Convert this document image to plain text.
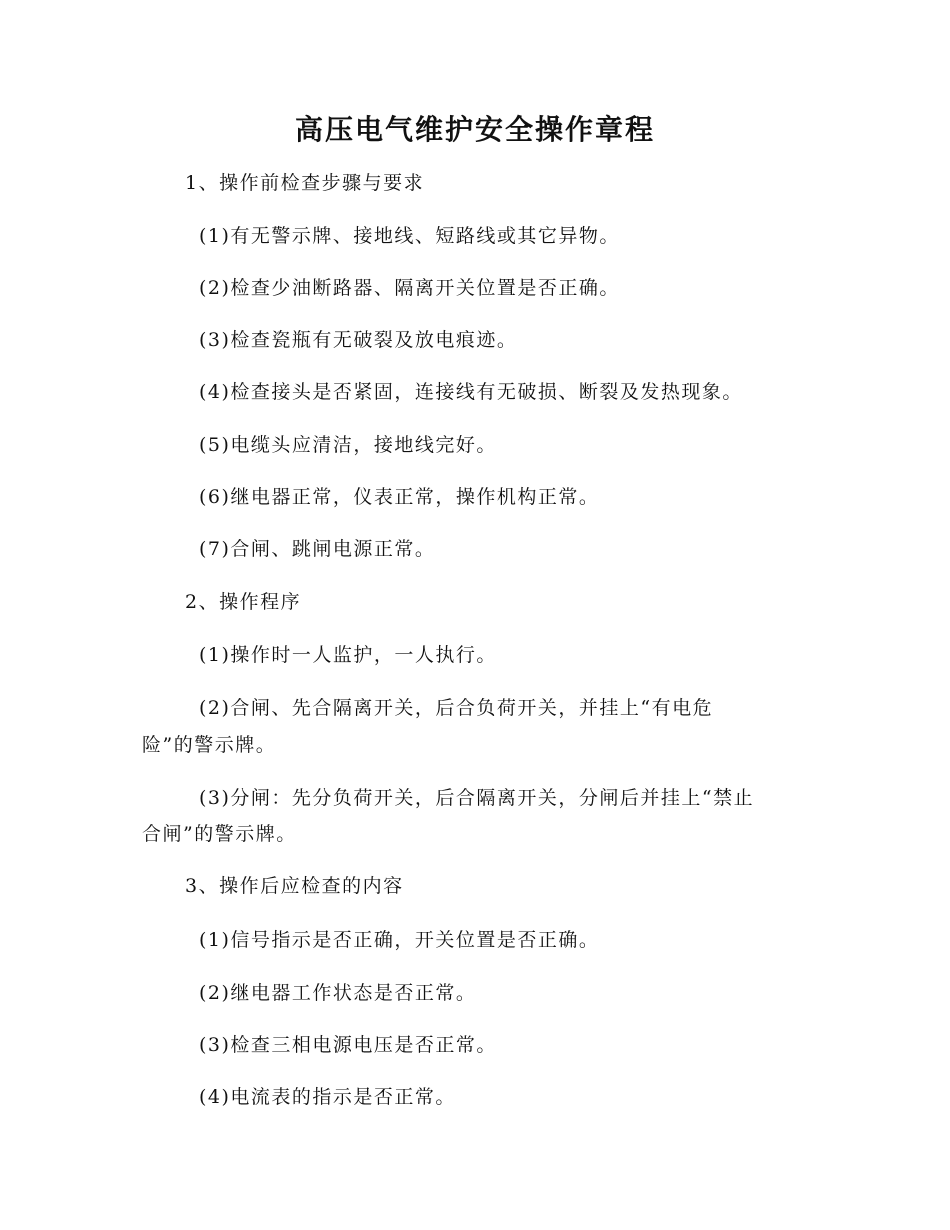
高压电气维护安全操作章程
1、操作前检查步骤与要求
(1)有无警示牌、接地线、短路线或其它异物。
(2)检查少油断路器、隔离开关位置是否正确。
(3)检查瓷瓶有无破裂及放电痕迹。
(4)检查接头是否紧固，连接线有无破损、断裂及发热现象。
(5)电缆头应清洁，接地线完好。
(6)继电器正常，仪表正常，操作机构正常。
(7)合闸、跳闸电源正常。
2、操作程序
(1)操作时一人监护，一人执行。
(2)合闸、先合隔离开关，后合负荷开关，并挂上“有电危
险”的警示牌。
(3)分闸：先分负荷开关，后合隔离开关，分闸后并挂上“禁止
合闸”的警示牌。
3、操作后应检查的内容
(1)信号指示是否正确，开关位置是否正确。
(2)继电器工作状态是否正常。
(3)检查三相电源电压是否正常。
(4)电流表的指示是否正常。
